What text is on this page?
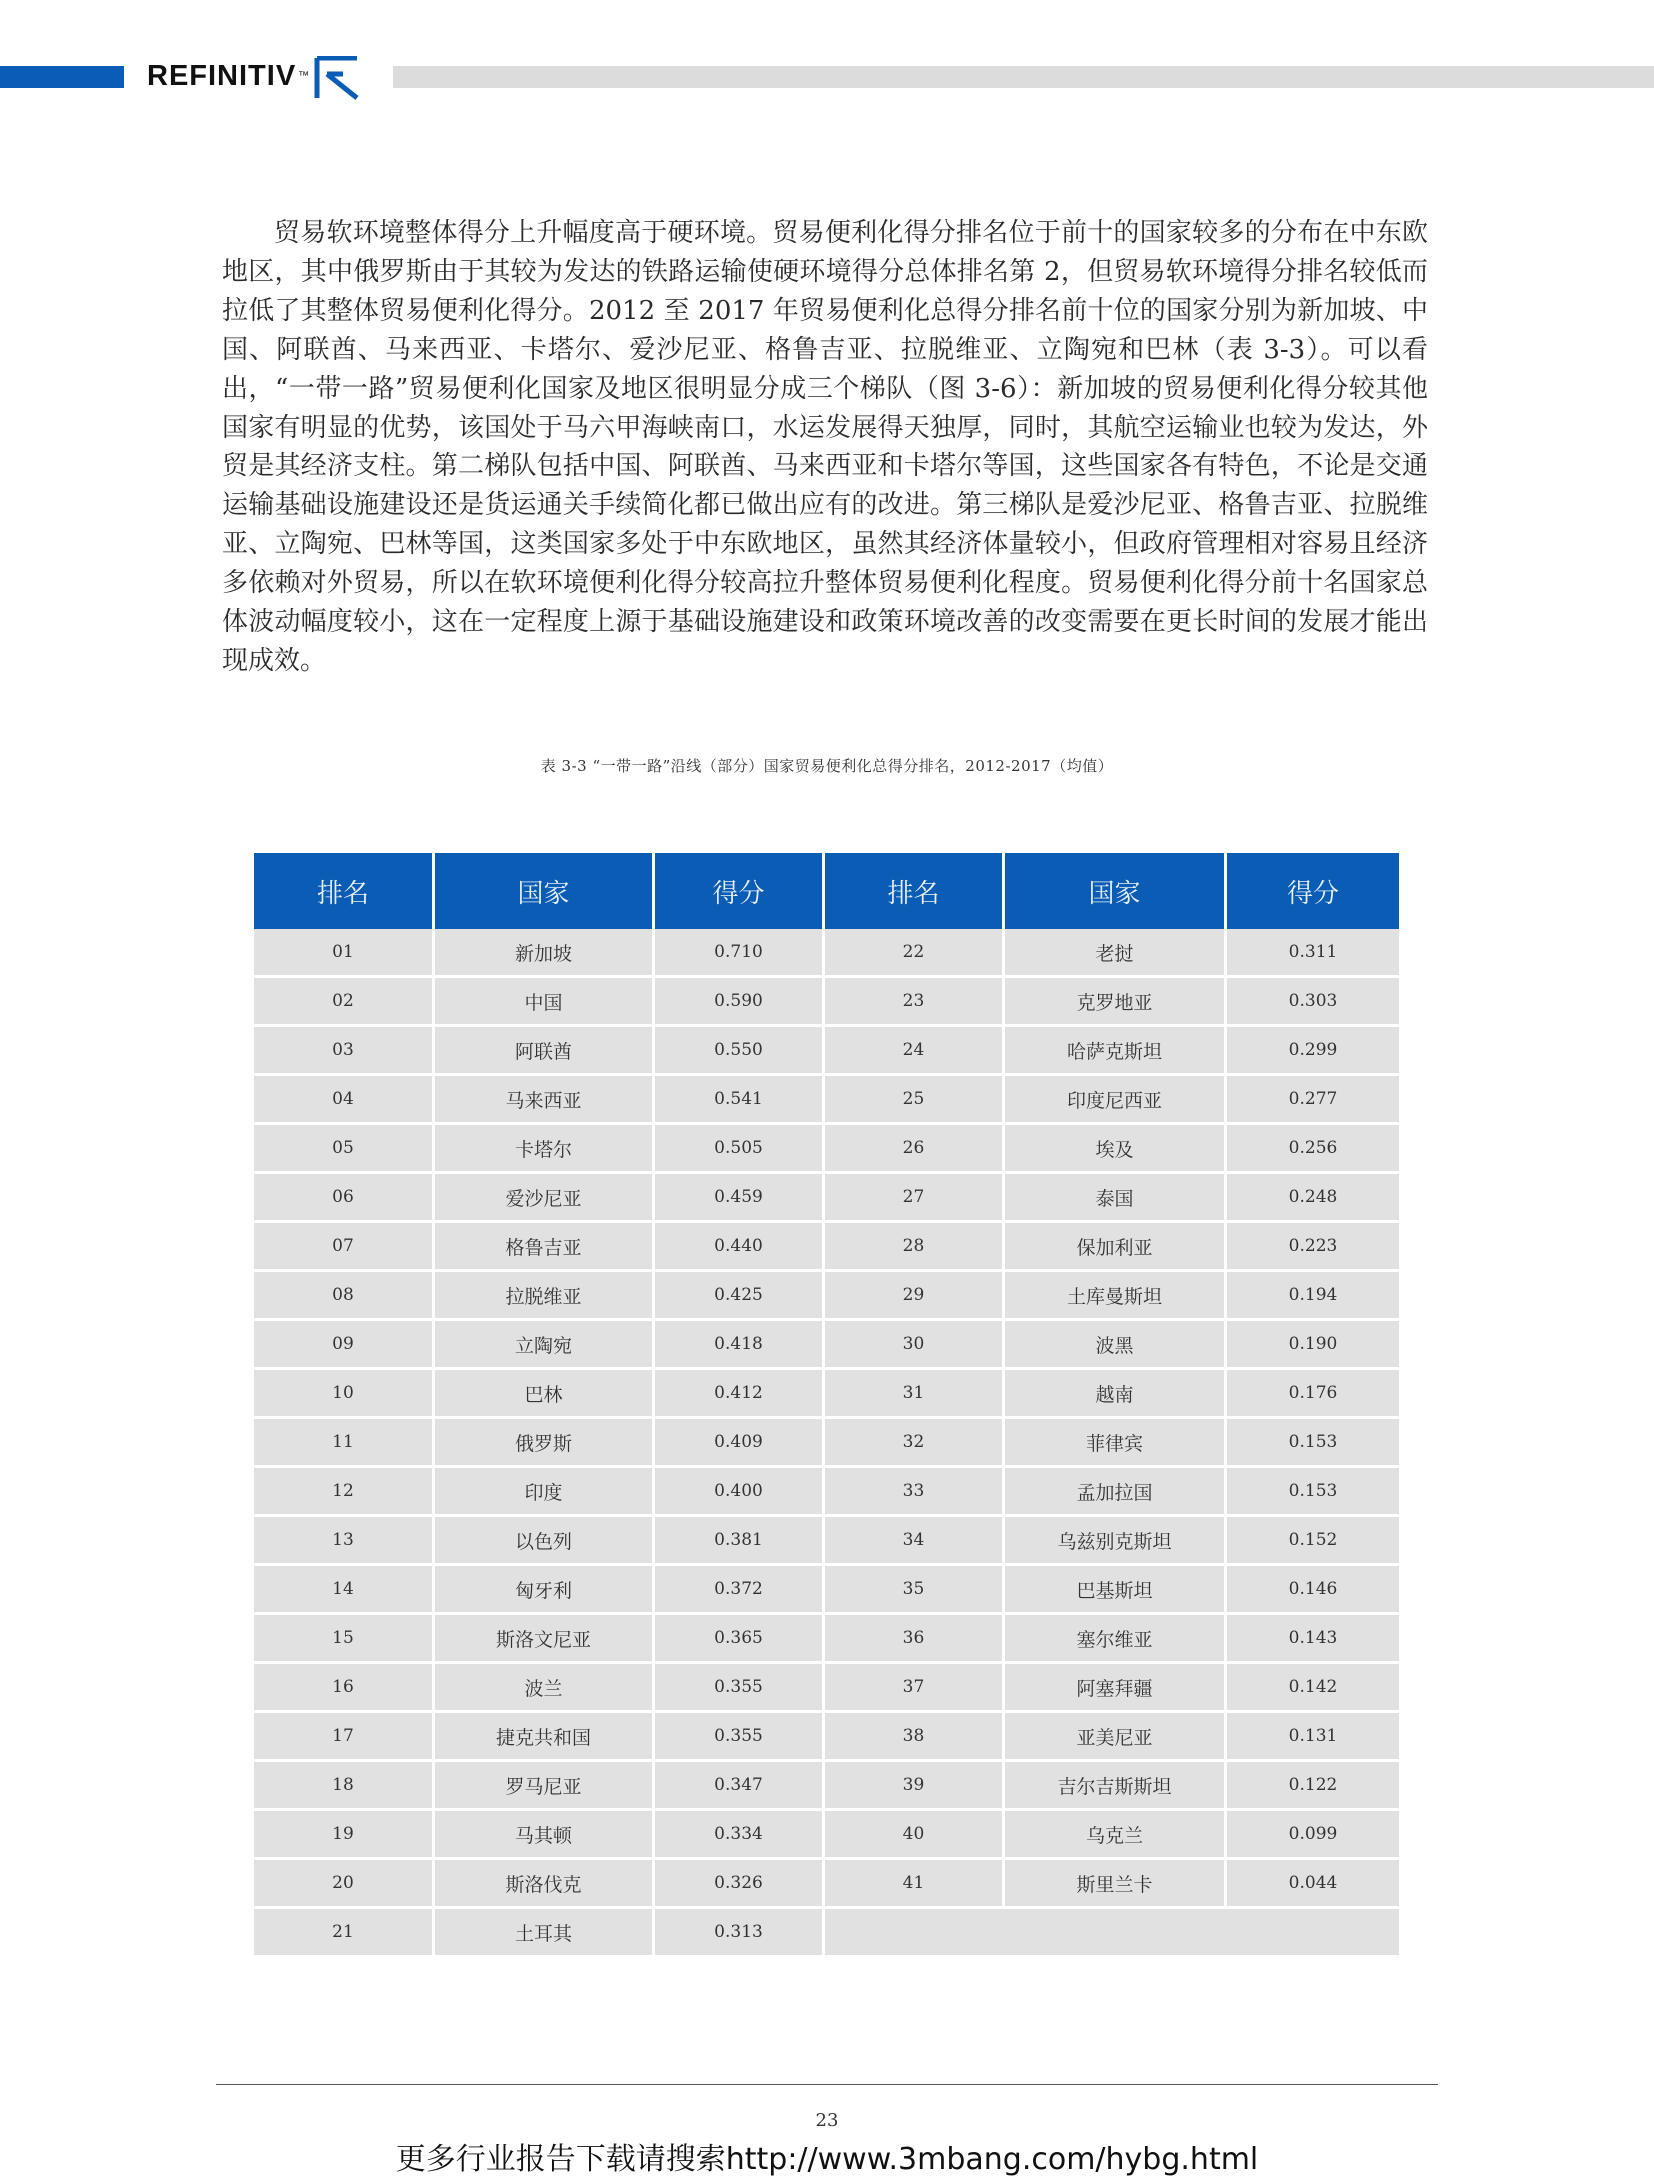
REFINITIV ™

贸易软环境整体得分上升幅度高于硬环境。贸易便利化得分排名位于前十的国家较多的分布在中东欧地区，其中俄罗斯由于其较为发达的铁路运输使硬环境得分总体排名第 2，但贸易软环境得分排名较低而拉低了其整体贸易便利化得分。2012 至 2017 年贸易便利化总得分排名前十位的国家分别为新加坡、中国、阿联酋、马来西亚、卡塔尔、爱沙尼亚、格鲁吉亚、拉脱维亚、立陶宛和巴林（表 3-3）。可以看出，“一带一路”贸易便利化国家及地区很明显分成三个梯队（图 3-6）：新加坡的贸易便利化得分较其他国家有明显的优势，该国处于马六甲海峡南口，水运发展得天独厚，同时，其航空运输业也较为发达，外贸是其经济支柱。第二梯队包括中国、阿联酋、马来西亚和卡塔尔等国，这些国家各有特色，不论是交通运输基础设施建设还是货运通关手续简化都已做出应有的改进。第三梯队是爱沙尼亚、格鲁吉亚、拉脱维亚、立陶宛、巴林等国，这类国家多处于中东欧地区，虽然其经济体量较小，但政府管理相对容易且经济多依赖对外贸易，所以在软环境便利化得分较高拉升整体贸易便利化程度。贸易便利化得分前十名国家总体波动幅度较小，这在一定程度上源于基础设施建设和政策环境改善的改变需要在更长时间的发展才能出现成效。

表 3-3 “一带一路”沿线（部分）国家贸易便利化总得分排名，2012-2017（均值）
排名	国家	得分	排名	国家	得分
01	新加坡	0.710	22	老挝	0.311
02	中国	0.590	23	克罗地亚	0.303
03	阿联酋	0.550	24	哈萨克斯坦	0.299
04	马来西亚	0.541	25	印度尼西亚	0.277
05	卡塔尔	0.505	26	埃及	0.256
06	爱沙尼亚	0.459	27	泰国	0.248
07	格鲁吉亚	0.440	28	保加利亚	0.223
08	拉脱维亚	0.425	29	土库曼斯坦	0.194
09	立陶宛	0.418	30	波黑	0.190
10	巴林	0.412	31	越南	0.176
11	俄罗斯	0.409	32	菲律宾	0.153
12	印度	0.400	33	孟加拉国	0.153
13	以色列	0.381	34	乌兹别克斯坦	0.152
14	匈牙利	0.372	35	巴基斯坦	0.146
15	斯洛文尼亚	0.365	36	塞尔维亚	0.143
16	波兰	0.355	37	阿塞拜疆	0.142
17	捷克共和国	0.355	38	亚美尼亚	0.131
18	罗马尼亚	0.347	39	吉尔吉斯斯坦	0.122
19	马其顿	0.334	40	乌克兰	0.099
20	斯洛伐克	0.326	41	斯里兰卡	0.044
21	土耳其	0.313			
23
更多行业报告下载请搜索http://www.3mbang.com/hybg.html
